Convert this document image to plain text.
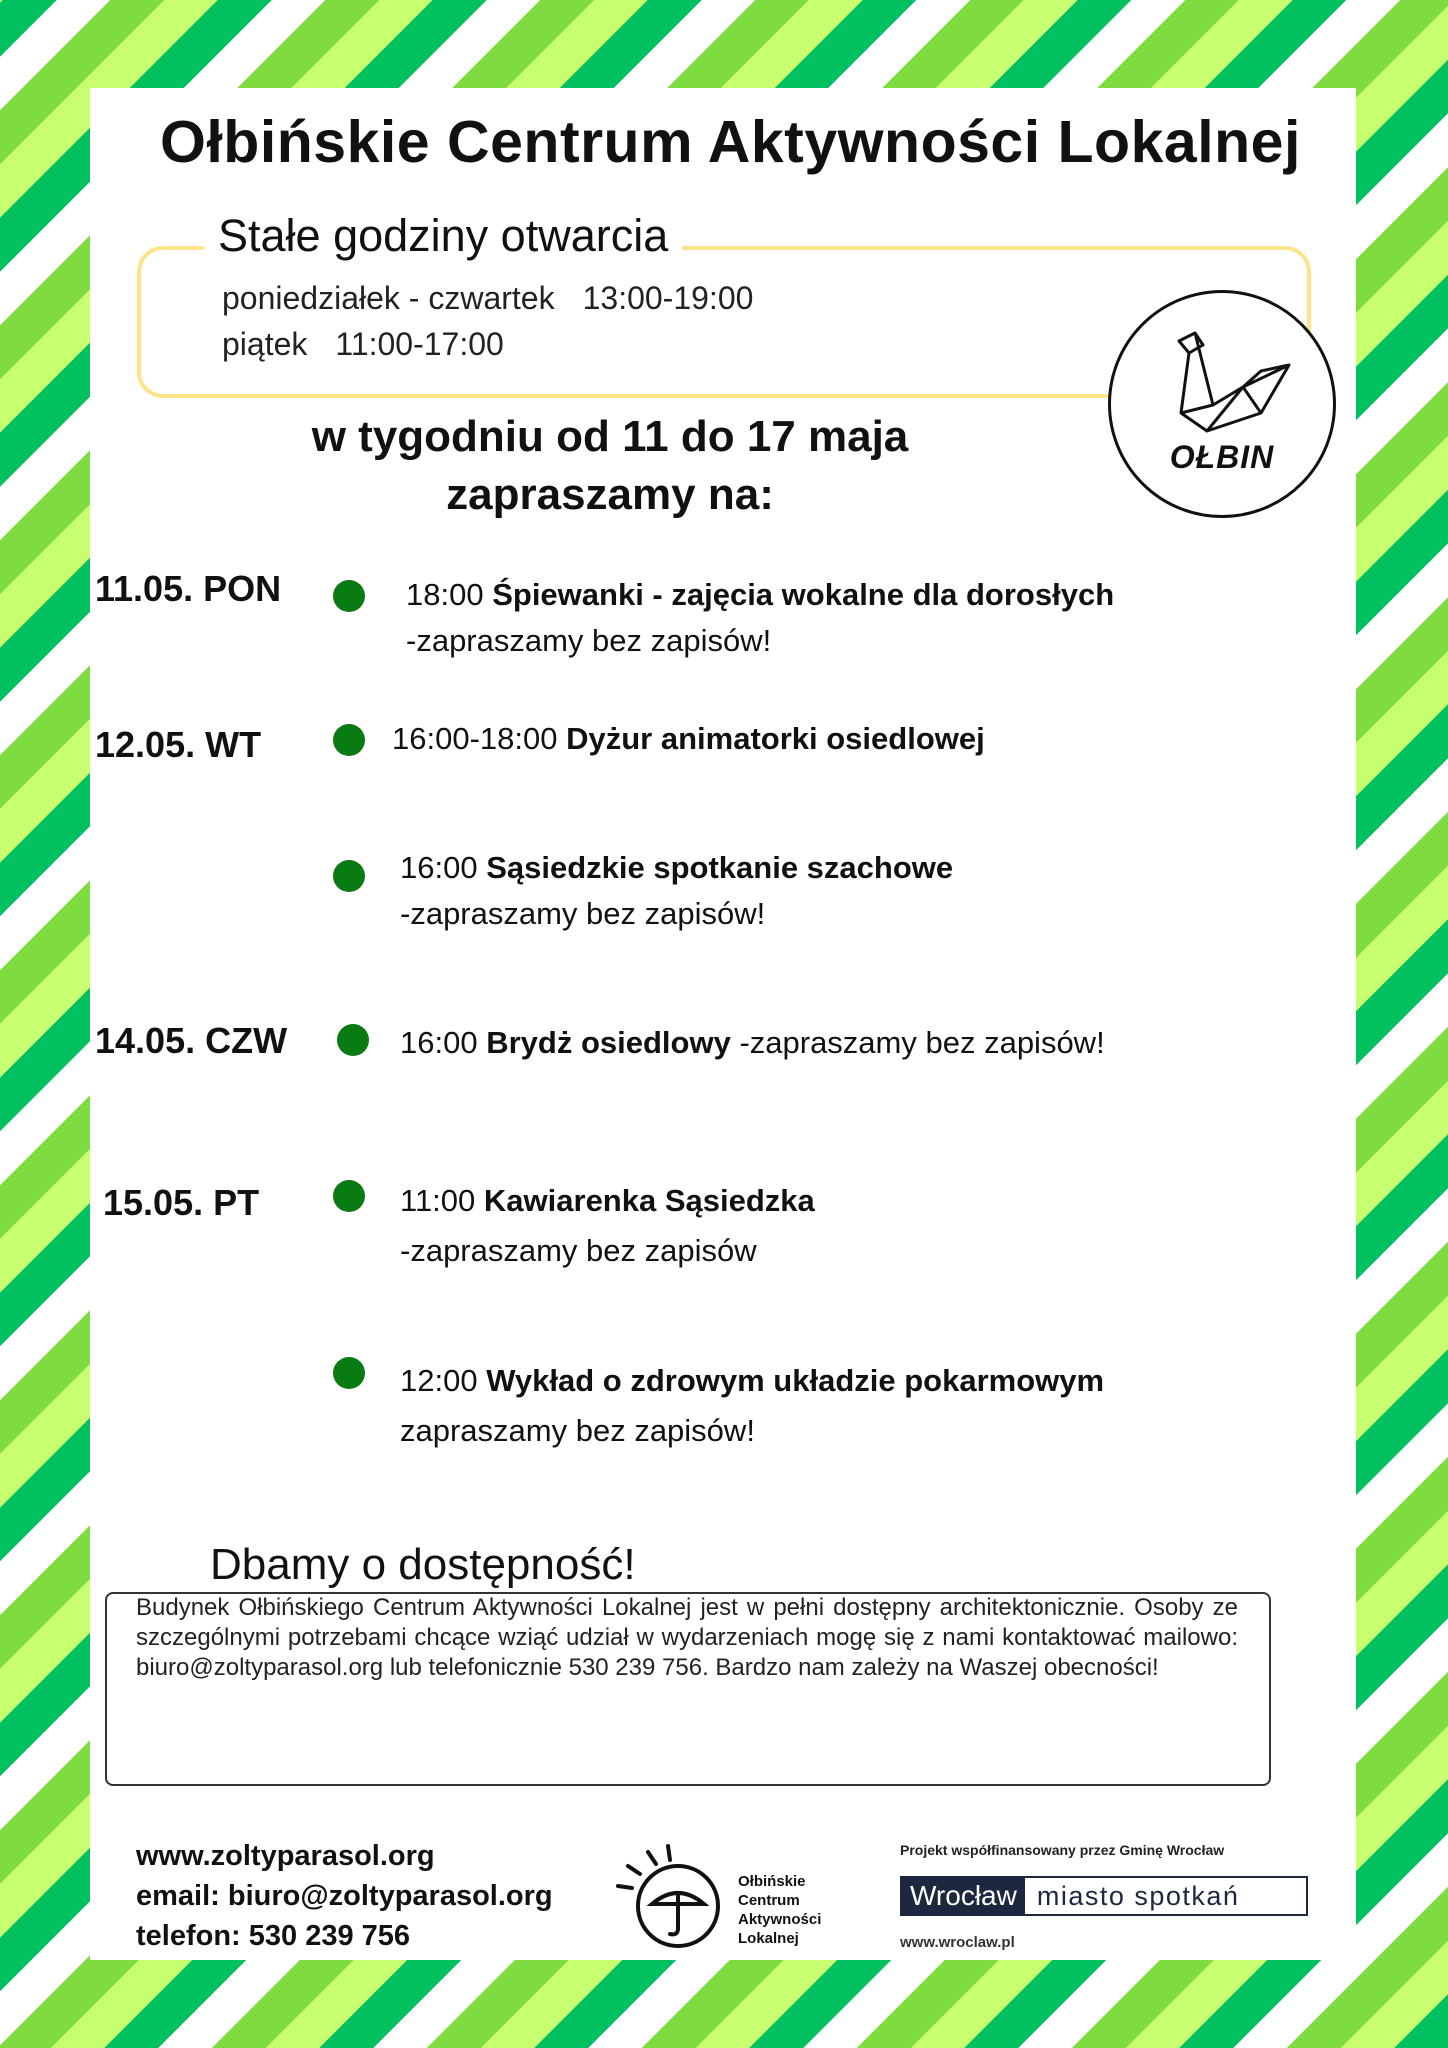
Ołbińskie Centrum Aktywności Lokalnej
Stałe godziny otwarcia
poniedziałek - czwartek 13:00-19:00
piątek 11:00-17:00
OŁBIN
w tygodniu od 11 do 17 maja
zapraszamy na:
11.05. PON
12.05. WT
14.05. CZW
15.05. PT
18:00 Śpiewanki - zajęcia wokalne dla dorosłych
-zapraszamy bez zapisów!
16:00-18:00 Dyżur animatorki osiedlowej
16:00 Sąsiedzkie spotkanie szachowe
-zapraszamy bez zapisów!
16:00 Brydż osiedlowy -zapraszamy bez zapisów!
11:00 Kawiarenka Sąsiedzka
-zapraszamy bez zapisów
12:00 Wykład o zdrowym układzie pokarmowym
zapraszamy bez zapisów!
Dbamy o dostępność!
Budynek Ołbińskiego Centrum Aktywności Lokalnej jest w pełni dostępny architektonicznie. Osoby ze szczególnymi potrzebami chcące wziąć udział w wydarzeniach mogę się z nami kontaktować mailowo: biuro@zoltyparasol.org lub telefonicznie 530 239 756. Bardzo nam zależy na Waszej obecności!
www.zoltyparasol.org
email: biuro@zoltyparasol.org
telefon: 530 239 756
Ołbińskie
Centrum
Aktywności
Lokalnej
Projekt współfinansowany przez Gminę Wrocław
Wrocław miasto spotkań
www.wroclaw.pl
